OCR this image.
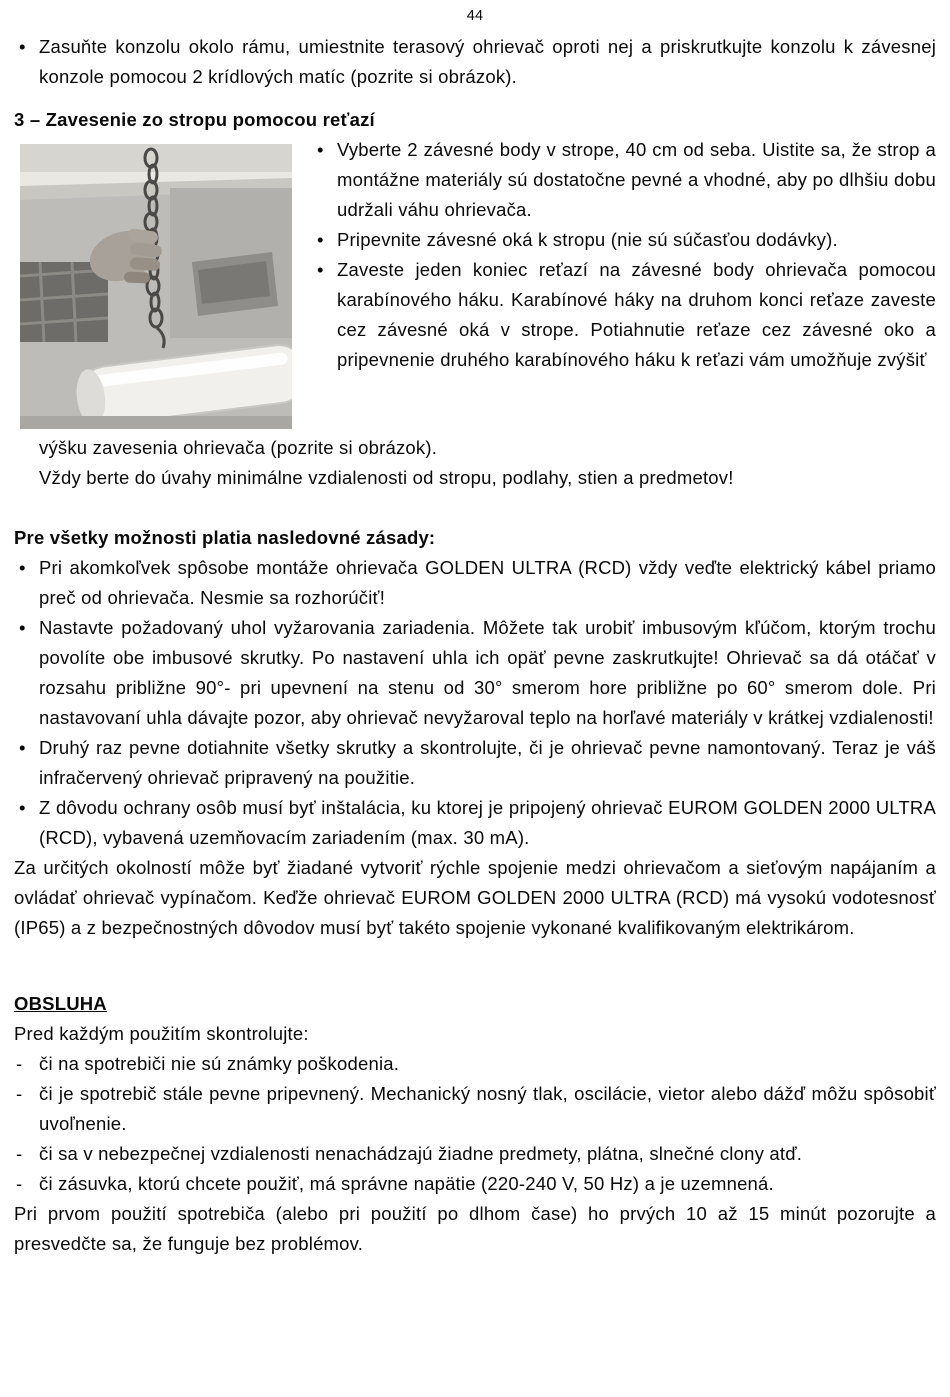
44

• Zasuňte konzolu okolo rámu, umiestnite terasový ohrievač oproti nej a priskrutkujte konzolu k závesnej konzole pomocou 2 krídlových matíc (pozrite si obrázok).

3 – Zavesenie zo stropu pomocou reťazí

• Vyberte 2 závesné body v strope, 40 cm od seba. Uistite sa, že strop a montážne materiály sú dostatočne pevné a vhodné, aby po dlhšiu dobu udržali váhu ohrievača.
• Pripevnite závesné oká k stropu (nie sú súčasťou dodávky).
• Zaveste jeden koniec reťazí na závesné body ohrievača pomocou karabínového háku. Karabínové háky na druhom konci reťaze zaveste cez závesné oká v strope. Potiahnutie reťaze cez závesné oko a pripevnenie druhého karabínového háku k reťazi vám umožňuje zvýšiť

výšku zavesenia ohrievača (pozrite si obrázok).

Vždy berte do úvahy minimálne vzdialenosti od stropu, podlahy, stien a predmetov!

Pre všetky možnosti platia nasledovné zásady:

• Pri akomkoľvek spôsobe montáže ohrievača GOLDEN ULTRA (RCD) vždy veďte elektrický kábel priamo preč od ohrievača. Nesmie sa rozhorúčiť!
• Nastavte požadovaný uhol vyžarovania zariadenia. Môžete tak urobiť imbusovým kľúčom, ktorým trochu povolíte obe imbusové skrutky. Po nastavení uhla ich opäť pevne zaskrutkujte! Ohrievač sa dá otáčať v rozsahu približne 90°- pri upevnení na stenu od 30° smerom hore približne po 60° smerom dole. Pri nastavovaní uhla dávajte pozor, aby ohrievač nevyžaroval teplo na horľavé materiály v krátkej vzdialenosti!
• Druhý raz pevne dotiahnite všetky skrutky a skontrolujte, či je ohrievač pevne namontovaný. Teraz je váš infračervený ohrievač pripravený na použitie.
• Z dôvodu ochrany osôb musí byť inštalácia, ku ktorej je pripojený ohrievač EUROM GOLDEN 2000 ULTRA (RCD), vybavená uzemňovacím zariadením (max. 30 mA).

Za určitých okolností môže byť žiadané vytvoriť rýchle spojenie medzi ohrievačom a sieťovým napájaním a ovládať ohrievač vypínačom. Keďže ohrievač EUROM GOLDEN 2000 ULTRA (RCD) má vysokú vodotesnosť (IP65) a z bezpečnostných dôvodov musí byť takéto spojenie vykonané kvalifikovaným elektrikárom.

OBSLUHA

Pred každým použitím skontrolujte:

- či na spotrebiči nie sú známky poškodenia.
- či je spotrebič stále pevne pripevnený. Mechanický nosný tlak, oscilácie, vietor alebo dážď môžu spôsobiť uvoľnenie.
- či sa v nebezpečnej vzdialenosti nenachádzajú žiadne predmety, plátna, slnečné clony atď.
- či zásuvka, ktorú chcete použiť, má správne napätie (220-240 V, 50 Hz) a je uzemnená.

Pri prvom použití spotrebiča (alebo pri použití po dlhom čase) ho prvých 10 až 15 minút pozorujte a presvedčte sa, že funguje bez problémov.
